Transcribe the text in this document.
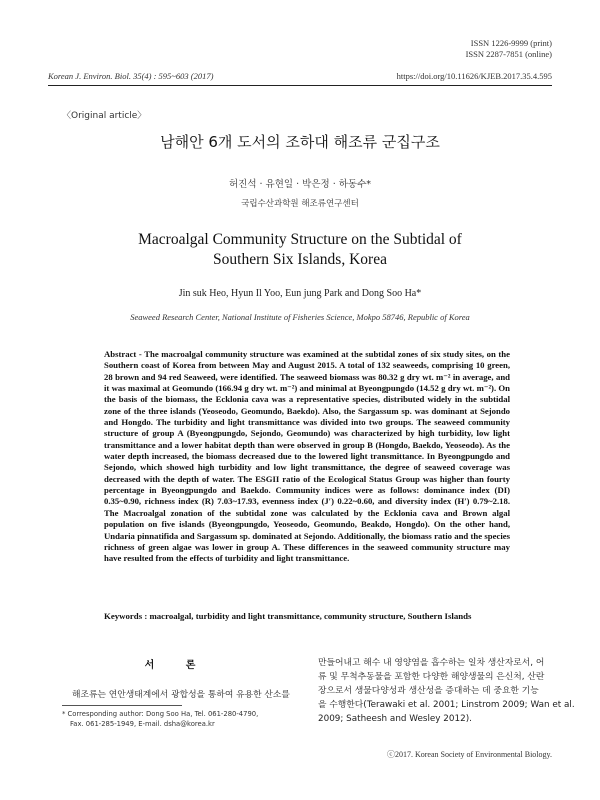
ISSN 1226-9999 (print)
ISSN 2287-7851 (online)
Korean J. Environ. Biol. 35(4) : 595~603 (2017)	https://doi.org/10.11626/KJEB.2017.35.4.595
〈Original article〉
남해안 6개 도서의 조하대 해조류 군집구조
허진석 · 유현일 · 박은정 · 하동수*
국립수산과학원 해조류연구센터
Macroalgal Community Structure on the Subtidal of
Southern Six Islands, Korea
Jin suk Heo, Hyun Il Yoo, Eun jung Park and Dong Soo Ha*
Seaweed Research Center, National Institute of Fisheries Science, Mokpo 58746, Republic of Korea

Abstract - The macroalgal community structure was examined at the subtidal zones of six study sites, on the Southern coast of Korea from between May and August 2015. A total of 132 seaweeds, comprising 10 green, 28 brown and 94 red Seaweed, were identified. The seaweed biomass was 80.32 g dry wt. m⁻² in average, and it was maximal at Geomundo (166.94 g dry wt. m⁻²) and minimal at Byeongpungdo (14.52 g dry wt. m⁻²). On the basis of the biomass, the Ecklonia cava was a representative species, distributed widely in the subtidal zone of the three islands (Yeoseodo, Geomundo, Baekdo). Also, the Sargassum sp. was dominant at Sejondo and Hongdo. The turbidity and light transmittance was divided into two groups. The seaweed community structure of group A (Byeongpungdo, Sejondo, Geomundo) was characterized by high turbidity, low light transmittance and a lower habitat depth than were observed in group B (Hongdo, Baekdo, Yeoseodo). As the water depth increased, the biomass decreased due to the lowered light transmittance. In Byeongpungdo and Sejondo, which showed high turbidity and low light transmittance, the degree of seaweed coverage was decreased with the depth of water. The ESGII ratio of the Ecological Status Group was higher than fourty percentage in Byeongpungdo and Baekdo. Community indices were as follows: dominance index (DI) 0.35~0.90, richness index (R) 7.03~17.93, evenness index (J′) 0.22~0.60, and diversity index (H′) 0.79~2.18. The Macroalgal zonation of the subtidal zone was calculated by the Ecklonia cava and Brown algal population on five islands (Byeongpungdo, Yeoseodo, Geomundo, Beakdo, Hongdo). On the other hand, Undaria pinnatifida and Sargassum sp. dominated at Sejondo. Additionally, the biomass ratio and the species richness of green algae was lower in group A. These differences in the seaweed community structure may have resulted from the effects of turbidity and light transmittance.

Keywords : macroalgal, turbidity and light transmittance, community structure, Southern Islands
서 론
해조류는 연안생태계에서 광합성을 통하여 유용한 산소를
* Corresponding author: Dong Soo Ha, Tel. 061-280-4790,
Fax. 061-285-1949, E-mail. dsha@korea.kr
만들어내고 해수 내 영양염을 흡수하는 일차 생산자로서, 어
류 및 무척추동물을 포함한 다양한 해양생물의 은신처, 산란
장으로서 생물다양성과 생산성을 증대하는 데 중요한 기능
을 수행한다(Terawaki et al. 2001; Linstrom 2009; Wan et al.
2009; Satheesh and Wesley 2012).
ⓒ2017. Korean Society of Environmental Biology.
